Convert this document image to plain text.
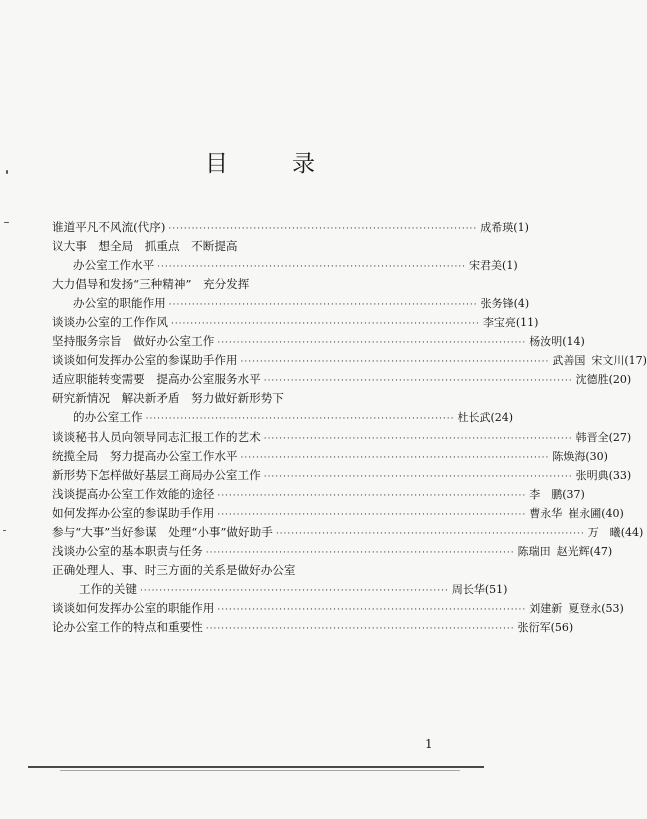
目	录
谁道平凡不风流(代序) ················································································ 成希瑛 (1)
议大事　想全局　抓重点　不断提高
办公室工作水平 ················································································ 宋君美 (1)
大力倡导和发扬“三种精神”　充分发挥
办公室的职能作用 ················································································ 张务锋 (4)
谈谈办公室的工作作风 ················································································ 李宝亮 (11)
坚持服务宗旨　做好办公室工作 ················································································ 杨汝明 (14)
谈谈如何发挥办公室的参谋助手作用 ················································································ 武善国 宋文川 (17)
适应职能转变需要　提高办公室服务水平 ················································································ 沈德胜 (20)
研究新情况　解决新矛盾　努力做好新形势下
的办公室工作 ················································································ 杜长武 (24)
谈谈秘书人员向领导同志汇报工作的艺术 ················································································ 韩晋全 (27)
统揽全局　努力提高办公室工作水平 ················································································ 陈焕海 (30)
新形势下怎样做好基层工商局办公室工作 ················································································ 张明典 (33)
浅谈提高办公室工作效能的途径 ················································································ 李　鹏 (37)
如何发挥办公室的参谋助手作用 ················································································ 曹永华 崔永圃 (40)
参与“大事”当好参谋　处理“小事”做好助手 ················································································ 万　曦 (44)
浅谈办公室的基本职责与任务 ················································································ 陈瑞田 赵光辉 (47)
正确处理人、事、时三方面的关系是做好办公室
工作的关键 ················································································ 周长华 (51)
谈谈如何发挥办公室的职能作用 ················································································ 刘建新 夏登永 (53)
论办公室工作的特点和重要性 ················································································ 张衍军 (56)
1
